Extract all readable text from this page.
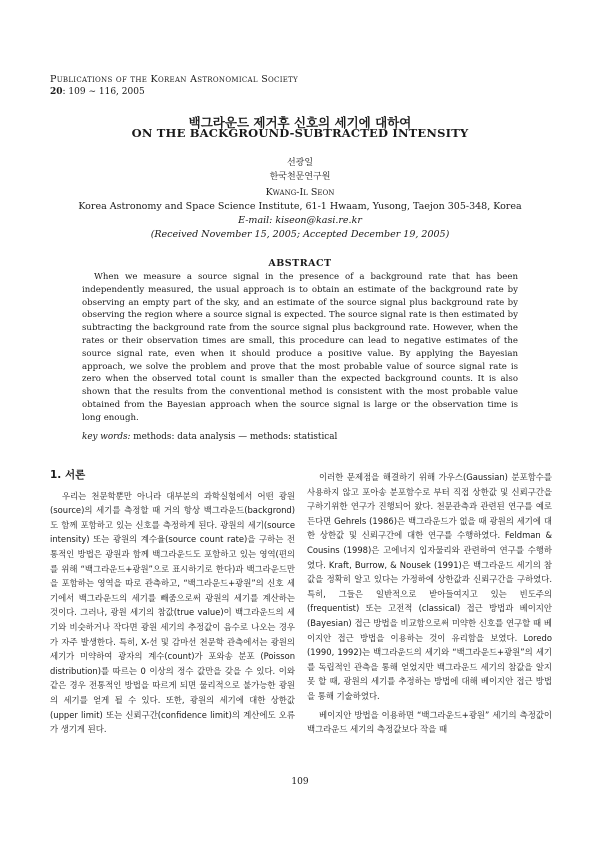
Publications of the Korean Astronomical Society
20: 109 ∼ 116, 2005
백그라운드 제거후 신호의 세기에 대하여
ON THE BACKGROUND-SUBTRACTED INTENSITY
선광일
한국천문연구원
Kwang-Il Seon
Korea Astronomy and Space Science Institute, 61-1 Hwaam, Yusong, Taejon 305-348, Korea
E-mail: kiseon@kasi.re.kr
(Received November 15, 2005; Accepted December 19, 2005)
ABSTRACT
When we measure a source signal in the presence of a background rate that has been independently measured, the usual approach is to obtain an estimate of the background rate by observing an empty part of the sky, and an estimate of the source signal plus background rate by observing the region where a source signal is expected. The source signal rate is then estimated by subtracting the background rate from the source signal plus background rate. However, when the rates or their observation times are small, this procedure can lead to negative estimates of the source signal rate, even when it should produce a positive value. By applying the Bayesian approach, we solve the problem and prove that the most probable value of source signal rate is zero when the observed total count is smaller than the expected background counts. It is also shown that the results from the conventional method is consistent with the most probable value obtained from the Bayesian approach when the source signal is large or the observation time is long enough.
key words: methods: data analysis — methods: statistical
1. 서론

우리는 천문학뿐만 아니라 대부분의 과학실험에서 어떤 광원(source)의 세기를 측정할 때 거의 항상 백그라운드(backgrond)도 함께 포함하고 있는 신호를 측정하게 된다. 광원의 세기(source intensity) 또는 광원의 계수율(source count rate)을 구하는 전통적인 방법은 광원과 함께 백그라운드도 포함하고 있는 영역(편의를 위해 “백그라운드+광원”으로 표시하기로 한다)과 백그라운드만을 포함하는 영역을 따로 관측하고, “백그라운드+광원”의 신호 세기에서 백그라운드의 세기를 빼줌으로써 광원의 세기를 계산하는 것이다. 그러나, 광원 세기의 참값(true value)이 백그라운드의 세기와 비슷하거나 작다면 광원 세기의 추정값이 음수로 나오는 경우가 자주 발생한다. 특히, X-선 및 감마선 천문학 관측에서는 광원의 세기가 미약하여 광자의 계수(count)가 포와송 분포 (Poisson distribution)를 따르는 0 이상의 정수 값만을 갖을 수 있다. 이와 같은 경우 전통적인 방법을 따르게 되면 물리적으로 불가능한 광원의 세기를 얻게 될 수 있다. 또한, 광원의 세기에 대한 상한값(upper limit) 또는 신뢰구간(confidence limit)의 계산에도 오류가 생기게 된다.

이러한 문제점을 해결하기 위해 가우스(Gaussian) 분포함수를 사용하지 않고 포아송 분포함수로 부터 직접 상한값 및 신뢰구간을 구하기위한 연구가 진행되어 왔다. 천문관측과 관련된 연구를 예로 든다면 Gehrels (1986)은 백그라운드가 없을 때 광원의 세기에 대한 상한값 및 신뢰구간에 대한 연구를 수행하였다. Feldman & Cousins (1998)은 고에너지 입자물리와 관련하여 연구를 수행하였다. Kraft, Burrow, & Nousek (1991)은 백그라운드 세기의 참값을 정확히 알고 있다는 가정하에 상한값과 신뢰구간을 구하였다. 특히, 그들은 일반적으로 받아들여지고 있는 빈도주의 (frequentist) 또는 고전적 (classical) 접근 방법과 베이지안 (Bayesian) 접근 방법을 비교함으로써 미약한 신호를 연구할 때 베이지안 접근 방법을 이용하는 것이 유리함을 보였다. Loredo (1990, 1992)는 백그라운드의 세기와 “백그라운드+광원”의 세기를 독립적인 관측을 통해 얻었지만 백그라운드 세기의 참값을 알지 못 할 때, 광원의 세기를 추정하는 방법에 대해 베이지안 접근 방법을 통해 기술하였다.

베이지안 방법을 이용하면 “백그라운드+광원” 세기의 측정값이 백그라운드 세기의 측정값보다 작을 때

109
